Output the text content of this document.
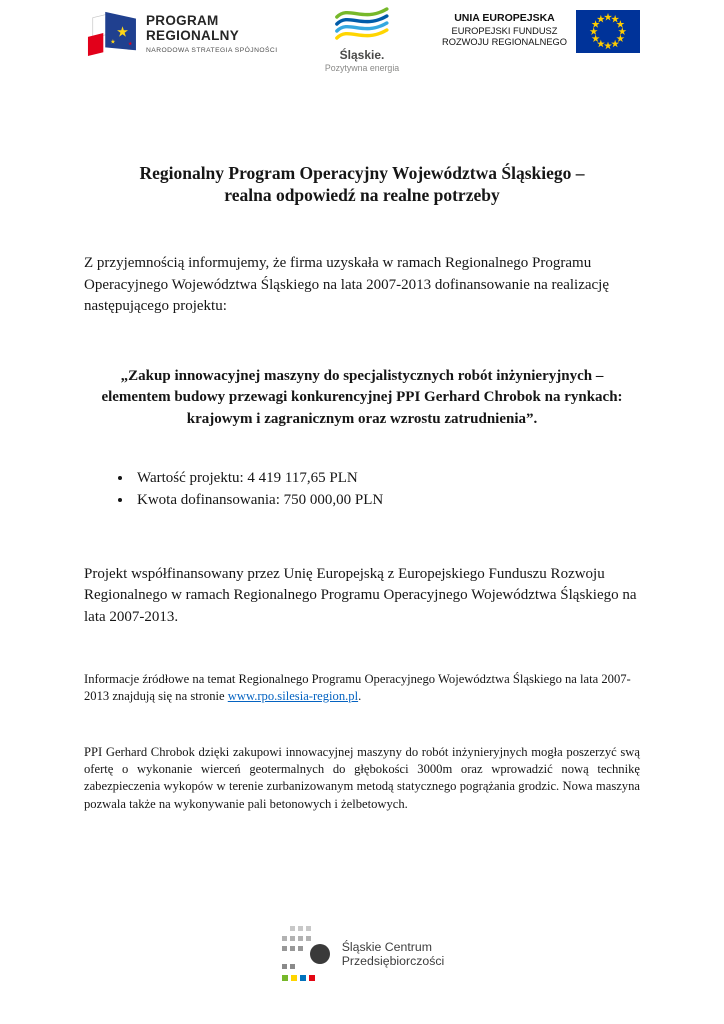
PROGRAM
REGIONALNY
NARODOWA STRATEGIA SPÓJNOŚCI	Śląskie.
Pozytywna energia
UNIA EUROPEJSKA
EUROPEJSKI FUNDUSZ
ROZWOJU REGIONALNEGO
Regionalny Program Operacyjny Województwa Śląskiego –
realna odpowiedź na realne potrzeby

Z przyjemnością informujemy, że firma uzyskała w ramach Regionalnego Programu Operacyjnego Województwa Śląskiego na lata 2007-2013 dofinansowanie na realizację następującego projektu:

„Zakup innowacyjnej maszyny do specjalistycznych robót inżynieryjnych –
elementem budowy przewagi konkurencyjnej PPI Gerhard Chrobok na rynkach:
krajowym i zagranicznym oraz wzrostu zatrudnienia”.

• Wartość projektu: 4 419 117,65 PLN
• Kwota dofinansowania: 750 000,00 PLN

Projekt współfinansowany przez Unię Europejską z Europejskiego Funduszu Rozwoju Regionalnego w ramach Regionalnego Programu Operacyjnego Województwa Śląskiego na lata 2007-2013.

Informacje źródłowe na temat Regionalnego Programu Operacyjnego Województwa Śląskiego na lata 2007-2013 znajdują się na stronie www.rpo.silesia-region.pl.

PPI Gerhard Chrobok dzięki zakupowi innowacyjnej maszyny do robót inżynieryjnych mogła poszerzyć swą ofertę o wykonanie wierceń geotermalnych do głębokości 3000m oraz wprowadzić nową technikę zabezpieczenia wykopów w terenie zurbanizowanym metodą statycznego pogrążania grodzic. Nowa maszyna pozwala także na wykonywanie pali betonowych i żelbetowych.

Śląskie Centrum
Przedsiębiorczości
